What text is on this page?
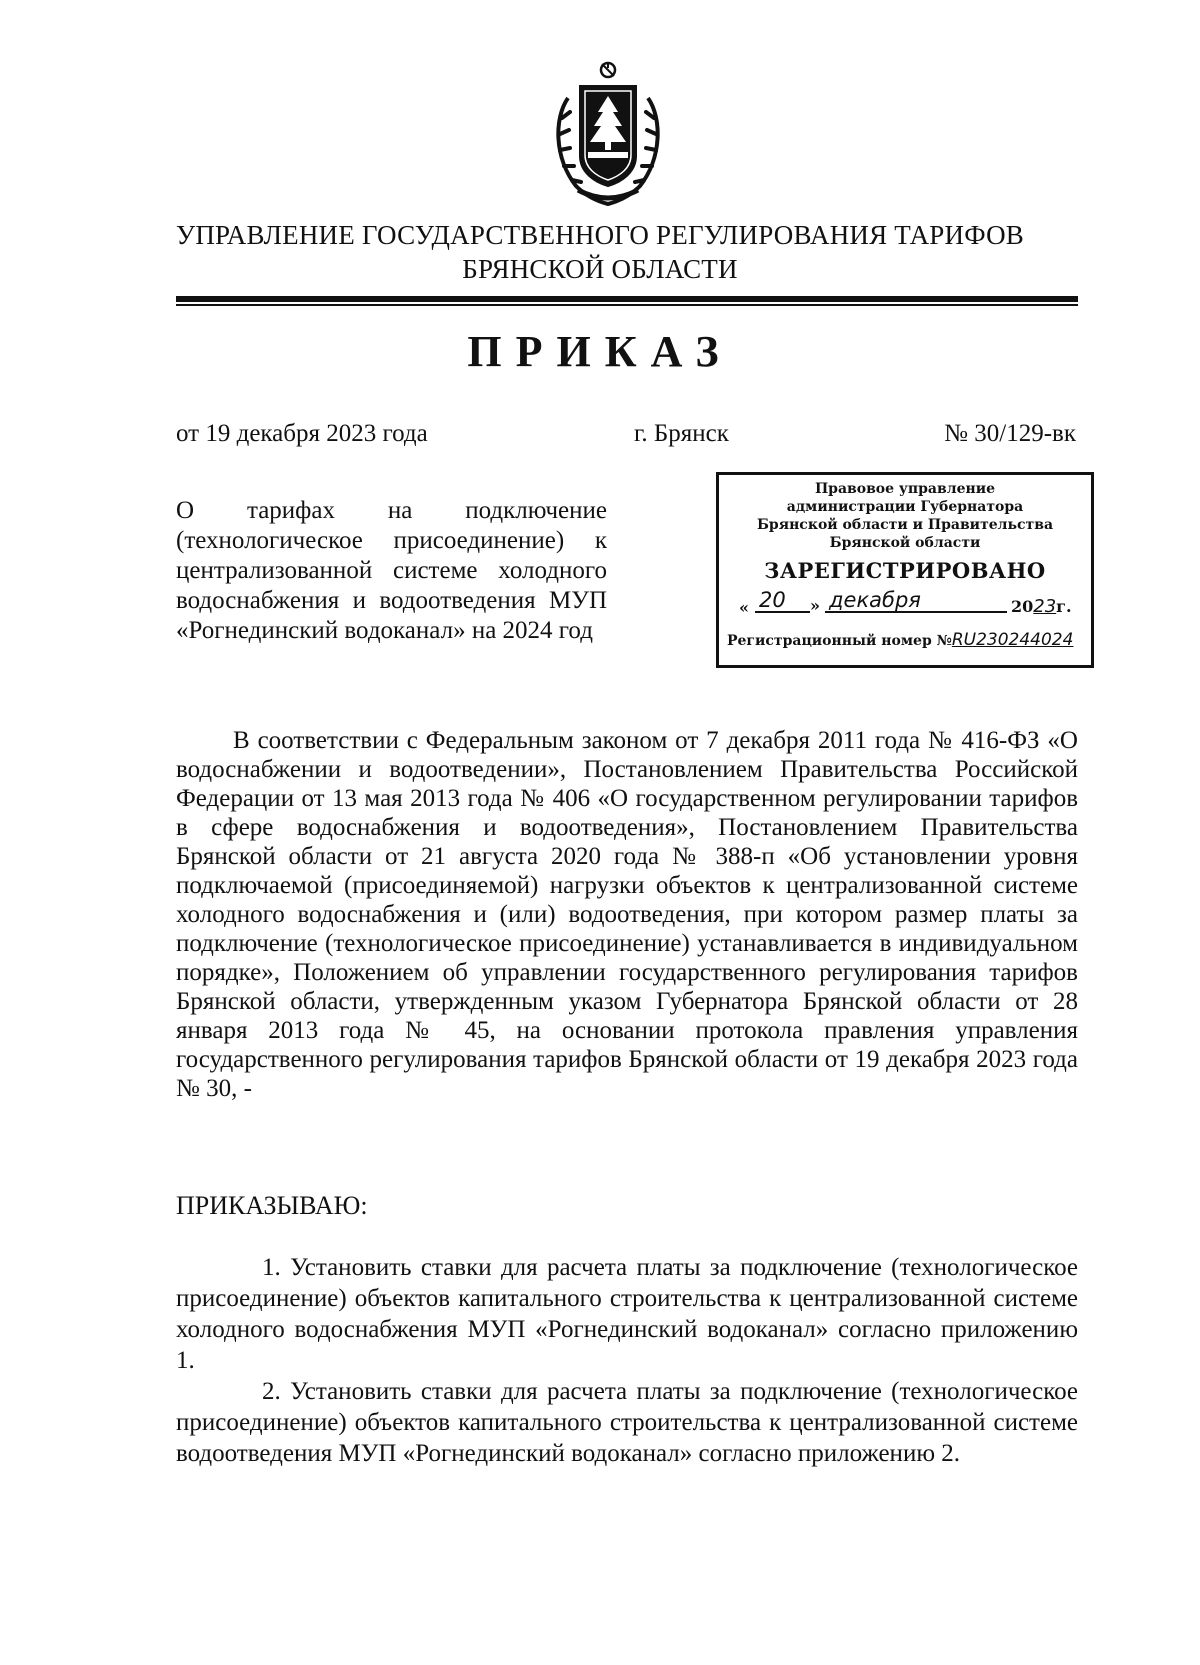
УПРАВЛЕНИЕ ГОСУДАРСТВЕННОГО РЕГУЛИРОВАНИЯ ТАРИФОВ
БРЯНСКОЙ ОБЛАСТИ
ПРИКАЗ
от 19 декабря 2023 года	г. Брянск	№ 30/129-вк
О тарифах на подключение (технологическое присоединение) к централизованной системе холодного водоснабжения и водоотведения МУП «Рогнединский водоканал» на 2024 год
Правовое управление
администрации Губернатора
Брянской области и Правительства
Брянской области
ЗАРЕГИСТРИРОВАНО
« 20 » декабря	2023г.
Регистрационный номер №RU230244024
В соответствии с Федеральным законом от 7 декабря 2011 года № 416-ФЗ «О водоснабжении и водоотведении», Постановлением Правительства Российской Федерации от 13 мая 2013 года № 406 «О государственном регулировании тарифов в сфере водоснабжения и водоотведения», Постановлением Правительства Брянской области от 21 августа 2020 года № 388-п «Об установлении уровня подключаемой (присоединяемой) нагрузки объектов к централизованной системе холодного водоснабжения и (или) водоотведения, при котором размер платы за подключение (технологическое присоединение) устанавливается в индивидуальном порядке», Положением об управлении государственного регулирования тарифов Брянской области, утвержденным указом Губернатора Брянской области от 28 января 2013 года № 45, на основании протокола правления управления государственного регулирования тарифов Брянской области от 19 декабря 2023 года № 30, -
ПРИКАЗЫВАЮ:
1. Установить ставки для расчета платы за подключение (технологическое присоединение) объектов капитального строительства к централизованной системе холодного водоснабжения МУП «Рогнединский водоканал» согласно приложению 1.
2. Установить ставки для расчета платы за подключение (технологическое присоединение) объектов капитального строительства к централизованной системе водоотведения МУП «Рогнединский водоканал» согласно приложению 2.
